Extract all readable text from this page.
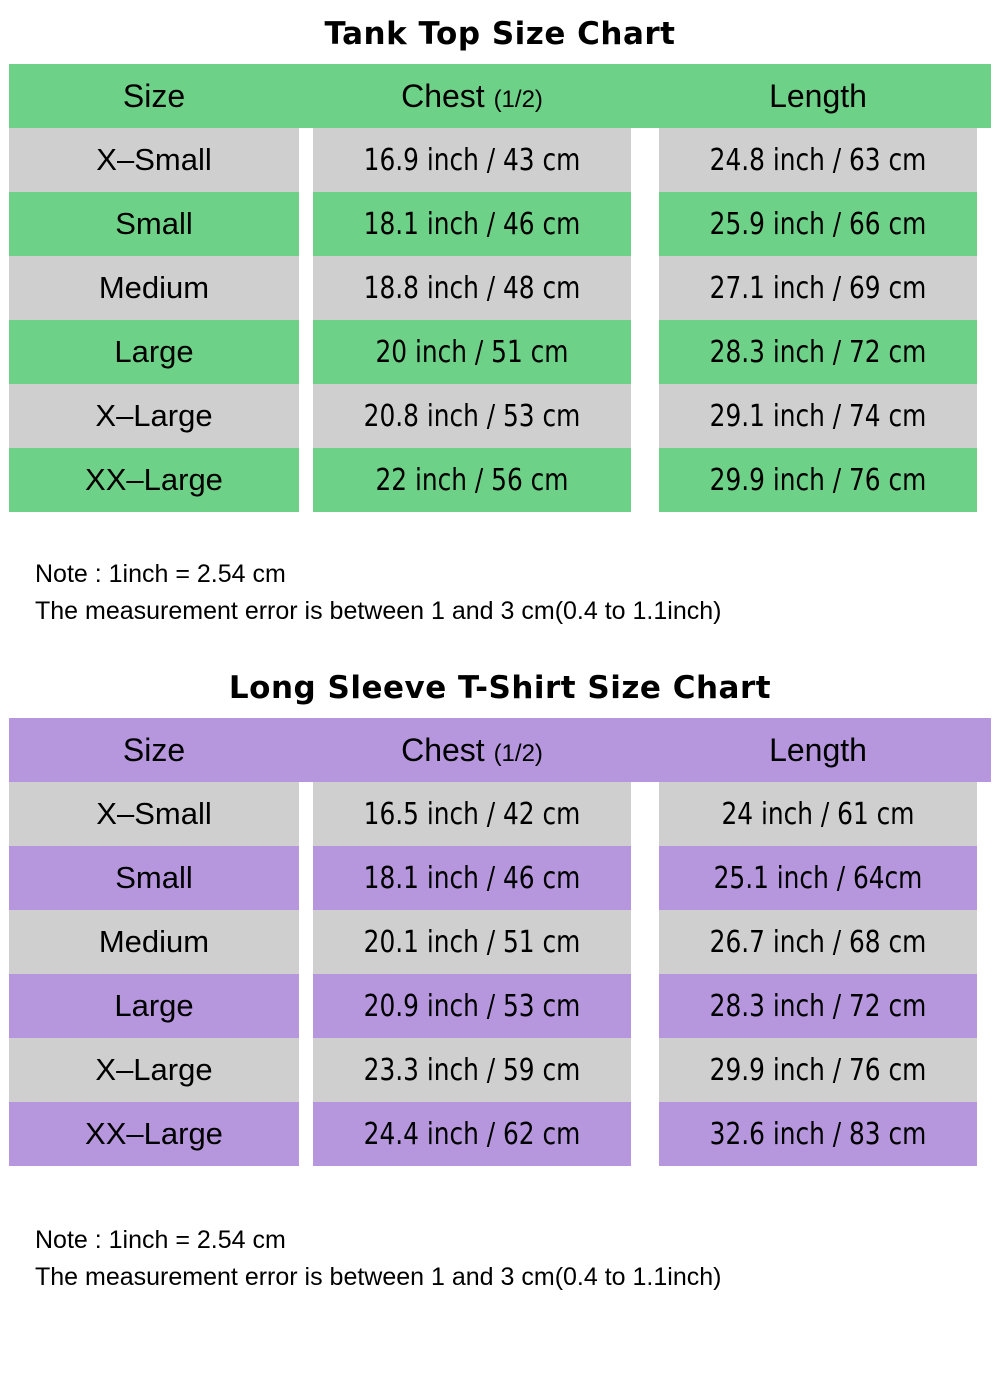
Tank Top Size Chart
Size	Chest (1/2)	Length
X–Small	16.9 inch / 43 cm	24.8 inch / 63 cm
Small	18.1 inch / 46 cm	25.9 inch / 66 cm
Medium	18.8 inch / 48 cm	27.1 inch / 69 cm
Large	20 inch / 51 cm	28.3 inch / 72 cm
X–Large	20.8 inch / 53 cm	29.1 inch / 74 cm
XX–Large	22 inch / 56 cm	29.9 inch / 76 cm

Note : 1inch = 2.54 cm

The measurement error is between 1 and 3 cm(0.4 to 1.1inch)

Long Sleeve T-Shirt Size Chart
Size	Chest (1/2)	Length
X–Small	16.5 inch / 42 cm	24 inch / 61 cm
Small	18.1 inch / 46 cm	25.1 inch / 64cm
Medium	20.1 inch / 51 cm	26.7 inch / 68 cm
Large	20.9 inch / 53 cm	28.3 inch / 72 cm
X–Large	23.3 inch / 59 cm	29.9 inch / 76 cm
XX–Large	24.4 inch / 62 cm	32.6 inch / 83 cm

Note : 1inch = 2.54 cm

The measurement error is between 1 and 3 cm(0.4 to 1.1inch)
